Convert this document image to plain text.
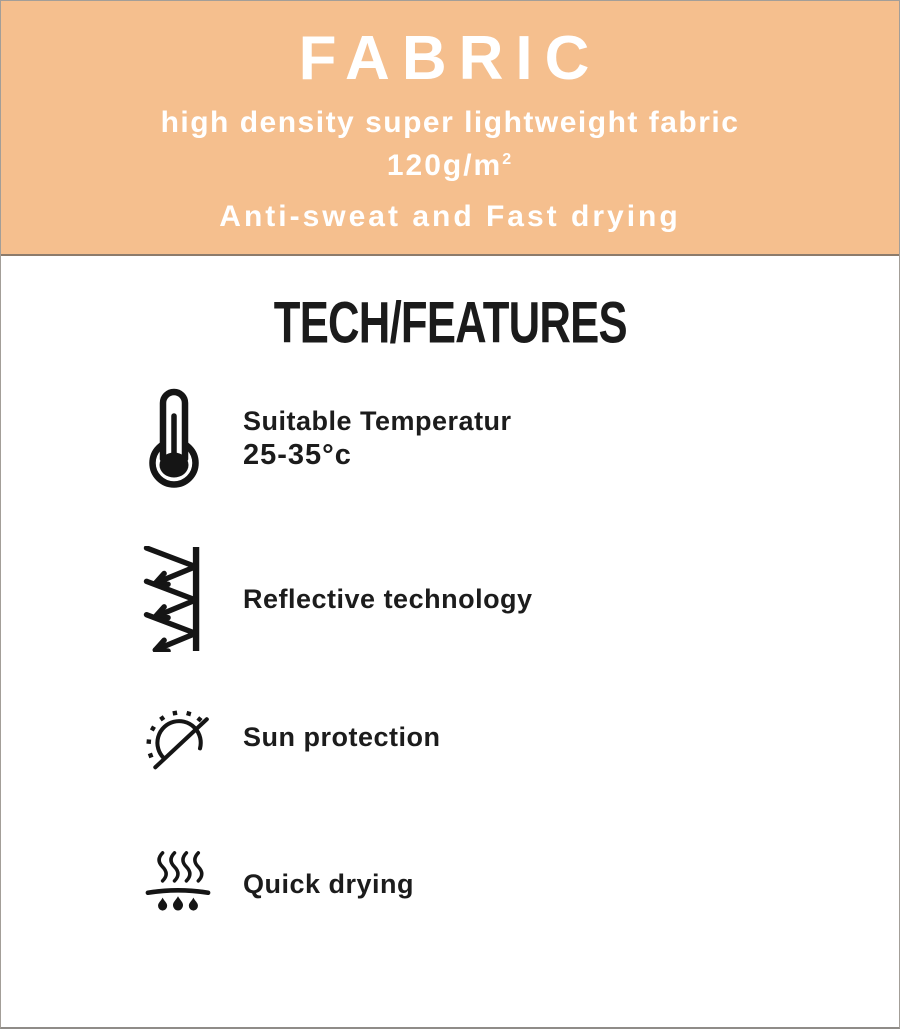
FABRIC
high density super lightweight fabric
$120g/m^2$
Anti-sweat and Fast drying
TECH/FEATURES
Suitable Temperatur
25-35°c
Reflective technology
Sun protection
Quick drying
